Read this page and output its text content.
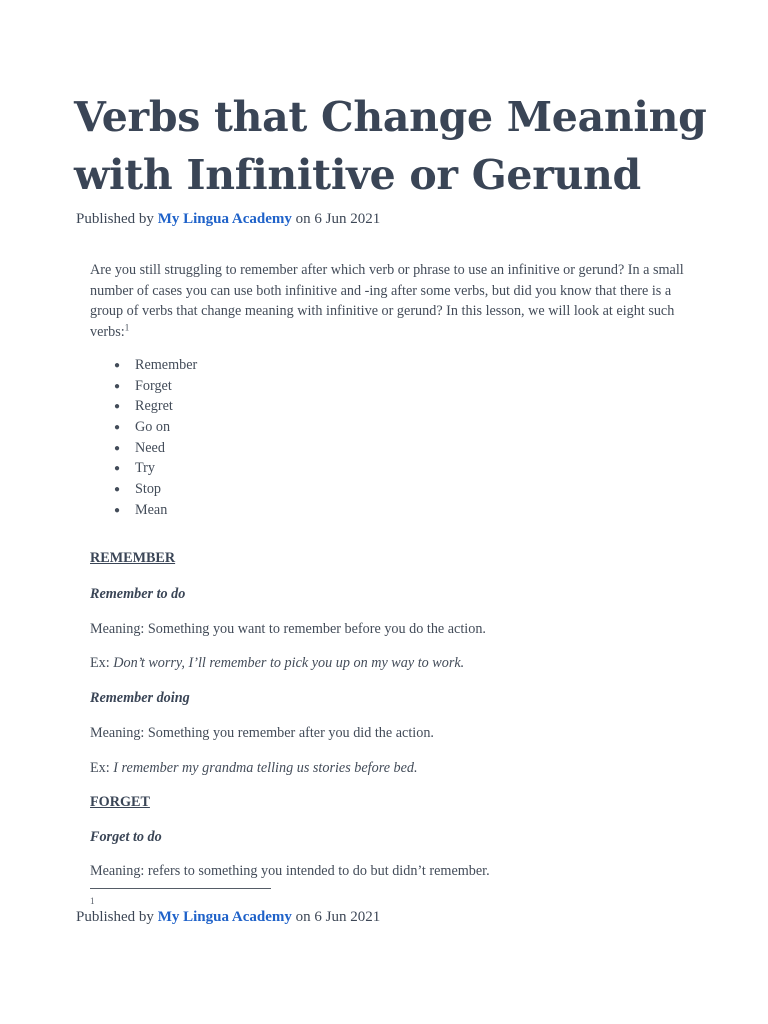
Verbs that Change Meaning with Infinitive or Gerund
Published by My Lingua Academy on 6 Jun 2021

Are you still struggling to remember after which verb or phrase to use an infinitive or gerund? In a small number of cases you can use both infinitive and -ing after some verbs, but did you know that there is a group of verbs that change meaning with infinitive or gerund? In this lesson, we will look at eight such verbs:$^1$

● Remember
● Forget
● Regret
● Go on
● Need
● Try
● Stop
● Mean
REMEMBER
Remember to do
Meaning: Something you want to remember before you do the action.
Ex: Don’t worry, I’ll remember to pick you up on my way to work.
Remember doing
Meaning: Something you remember after you did the action.
Ex: I remember my grandma telling us stories before bed.
FORGET
Forget to do
Meaning: refers to something you intended to do but didn’t remember.
1
Published by My Lingua Academy on 6 Jun 2021
